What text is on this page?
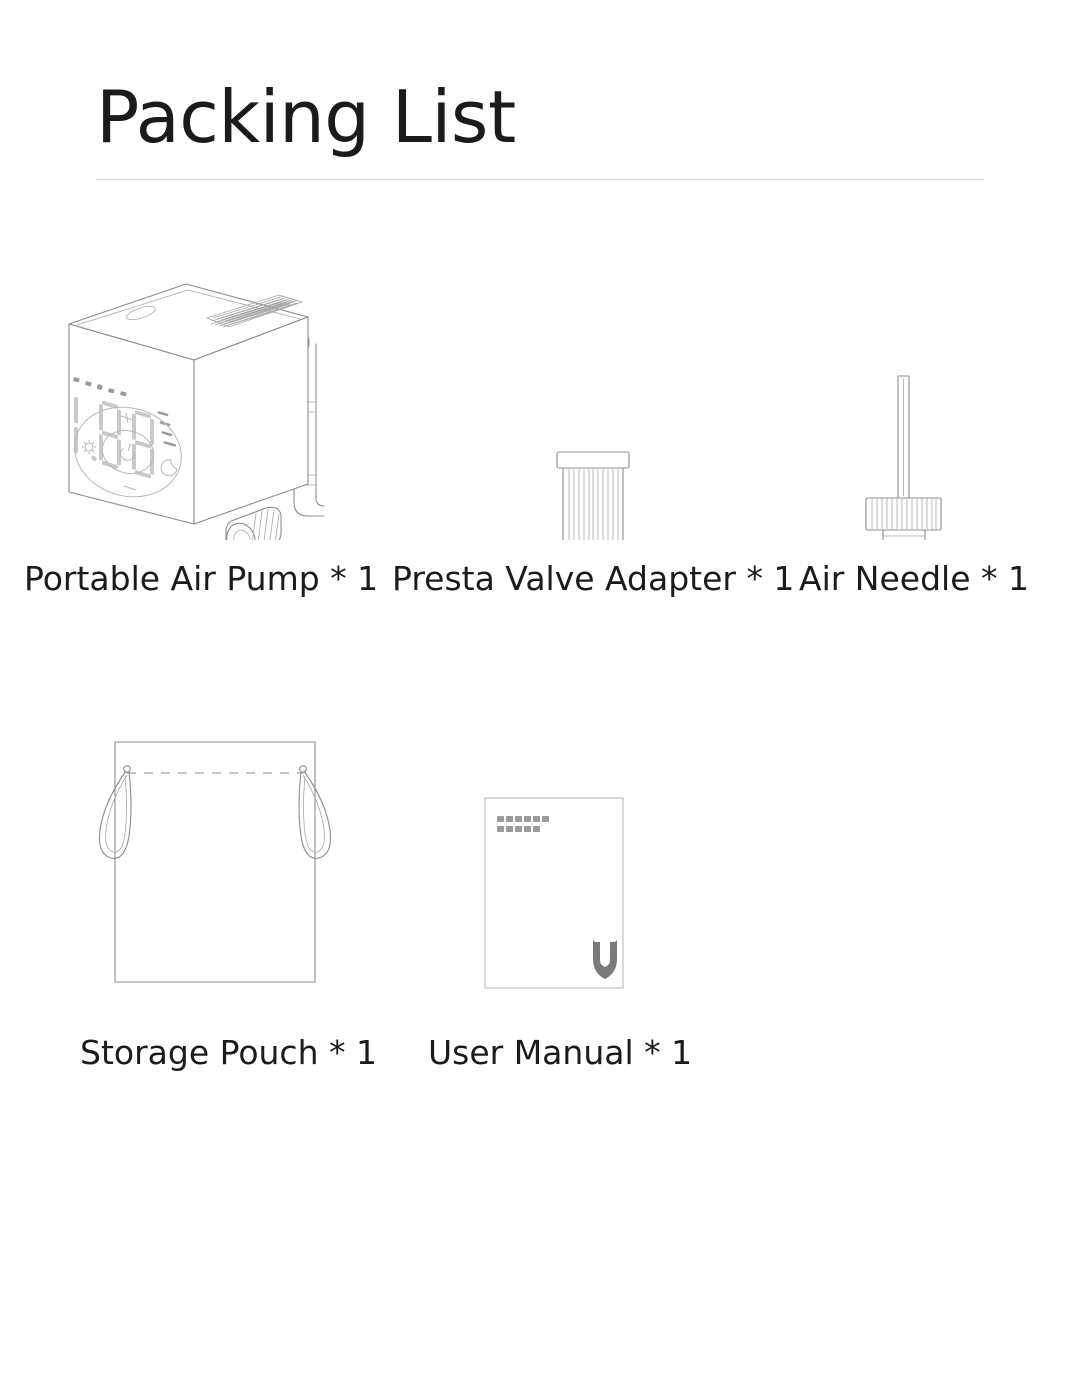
Packing List
Portable Air Pump * 1 Presta Valve Adapter * 1 Air Needle * 1
Storage Pouch * 1 User Manual * 1
